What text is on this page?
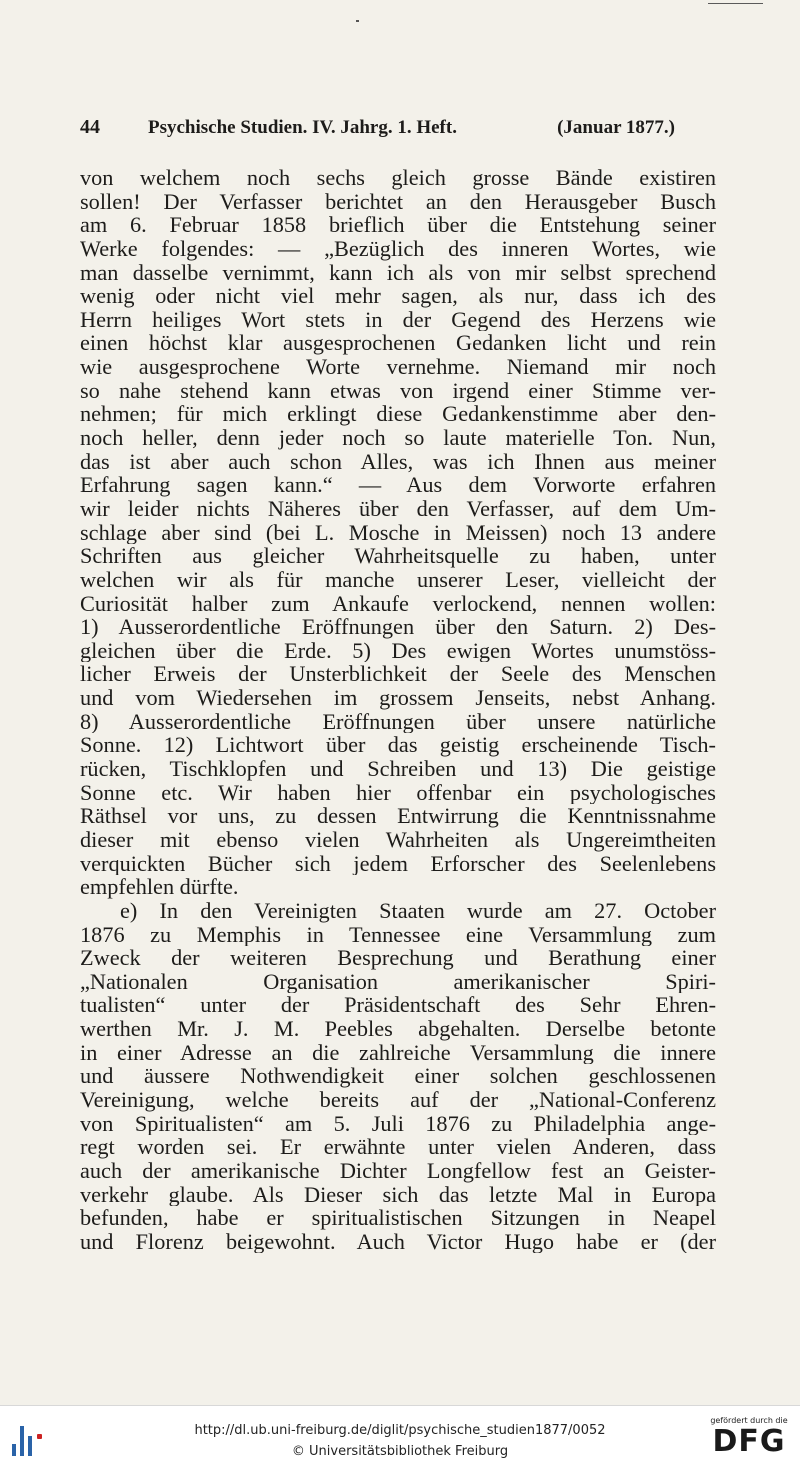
44	Psychische Studien. IV. Jahrg. 1. Heft.	(Januar 1877.)
von welchem noch sechs gleich grosse Bände existiren
sollen! Der Verfasser berichtet an den Herausgeber Busch
am 6. Februar 1858 brieflich über die Entstehung seiner
Werke folgendes: — „Bezüglich des inneren Wortes, wie
man dasselbe vernimmt, kann ich als von mir selbst sprechend
wenig oder nicht viel mehr sagen, als nur, dass ich des
Herrn heiliges Wort stets in der Gegend des Herzens wie
einen höchst klar ausgesprochenen Gedanken licht und rein
wie ausgesprochene Worte vernehme. Niemand mir noch
so nahe stehend kann etwas von irgend einer Stimme ver-
nehmen; für mich erklingt diese Gedankenstimme aber den-
noch heller, denn jeder noch so laute materielle Ton. Nun,
das ist aber auch schon Alles, was ich Ihnen aus meiner
Erfahrung sagen kann.“ — Aus dem Vorworte erfahren
wir leider nichts Näheres über den Verfasser, auf dem Um-
schlage aber sind (bei L. Mosche in Meissen) noch 13 andere
Schriften aus gleicher Wahrheitsquelle zu haben, unter
welchen wir als für manche unserer Leser, vielleicht der
Curiosität halber zum Ankaufe verlockend, nennen wollen:
1) Ausserordentliche Eröffnungen über den Saturn. 2) Des-
gleichen über die Erde. 5) Des ewigen Wortes unumstöss-
licher Erweis der Unsterblichkeit der Seele des Menschen
und vom Wiedersehen im grossem Jenseits, nebst Anhang.
8) Ausserordentliche Eröffnungen über unsere natürliche
Sonne. 12) Lichtwort über das geistig erscheinende Tisch-
rücken, Tischklopfen und Schreiben und 13) Die geistige
Sonne etc. Wir haben hier offenbar ein psychologisches
Räthsel vor uns, zu dessen Entwirrung die Kenntnissnahme
dieser mit ebenso vielen Wahrheiten als Ungereimtheiten
verquickten Bücher sich jedem Erforscher des Seelenlebens
empfehlen dürfte.
e) In den Vereinigten Staaten wurde am 27. October
1876 zu Memphis in Tennessee eine Versammlung zum
Zweck der weiteren Besprechung und Berathung einer
„Nationalen Organisation amerikanischer Spiri-
tualisten“ unter der Präsidentschaft des Sehr Ehren-
werthen Mr. J. M. Peebles abgehalten. Derselbe betonte
in einer Adresse an die zahlreiche Versammlung die innere
und äussere Nothwendigkeit einer solchen geschlossenen
Vereinigung, welche bereits auf der „National-Conferenz
von Spiritualisten“ am 5. Juli 1876 zu Philadelphia ange-
regt worden sei. Er erwähnte unter vielen Anderen, dass
auch der amerikanische Dichter Longfellow fest an Geister-
verkehr glaube. Als Dieser sich das letzte Mal in Europa
befunden, habe er spiritualistischen Sitzungen in Neapel
und Florenz beigewohnt. Auch Victor Hugo habe er (der
http://dl.ub.uni-freiburg.de/diglit/psychische_studien1877/0052
© Universitätsbibliothek Freiburg
gefördert durch die
DFG
